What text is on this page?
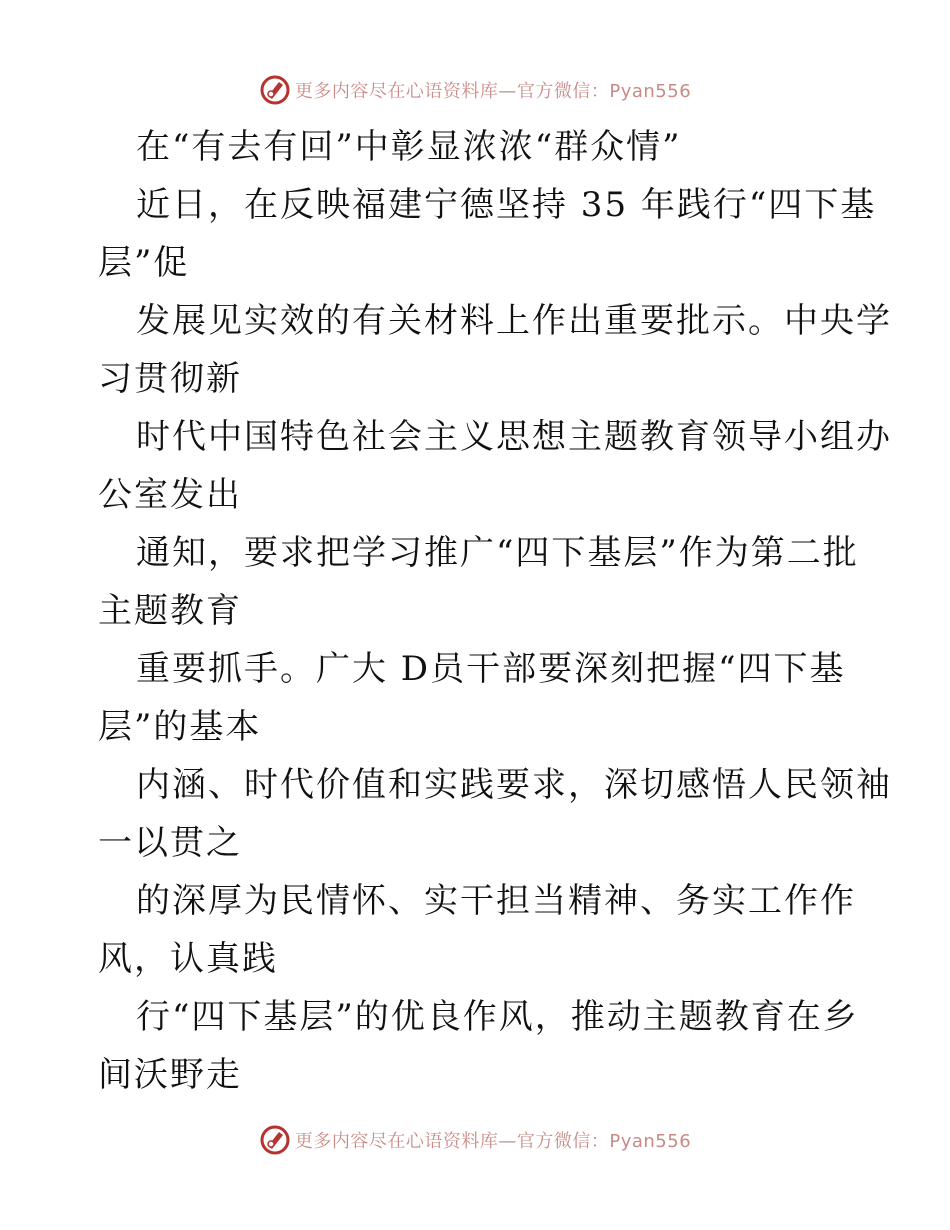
更多内容尽在心语资料库—官方微信：Pyan556
在“有去有回”中彰显浓浓“群众情”
近日，在反映福建宁德坚持 35 年践行“四下基
层”促
发展见实效的有关材料上作出重要批示。中央学
习贯彻新
时代中国特色社会主义思想主题教育领导小组办
公室发出
通知，要求把学习推广“四下基层”作为第二批
主题教育
重要抓手。广大 D员干部要深刻把握“四下基
层”的基本
内涵、时代价值和实践要求，深切感悟人民领袖
一以贯之
的深厚为民情怀、实干担当精神、务实工作作
风，认真践
行“四下基层”的优良作风，推动主题教育在乡
间沃野走
更多内容尽在心语资料库—官方微信：Pyan556
